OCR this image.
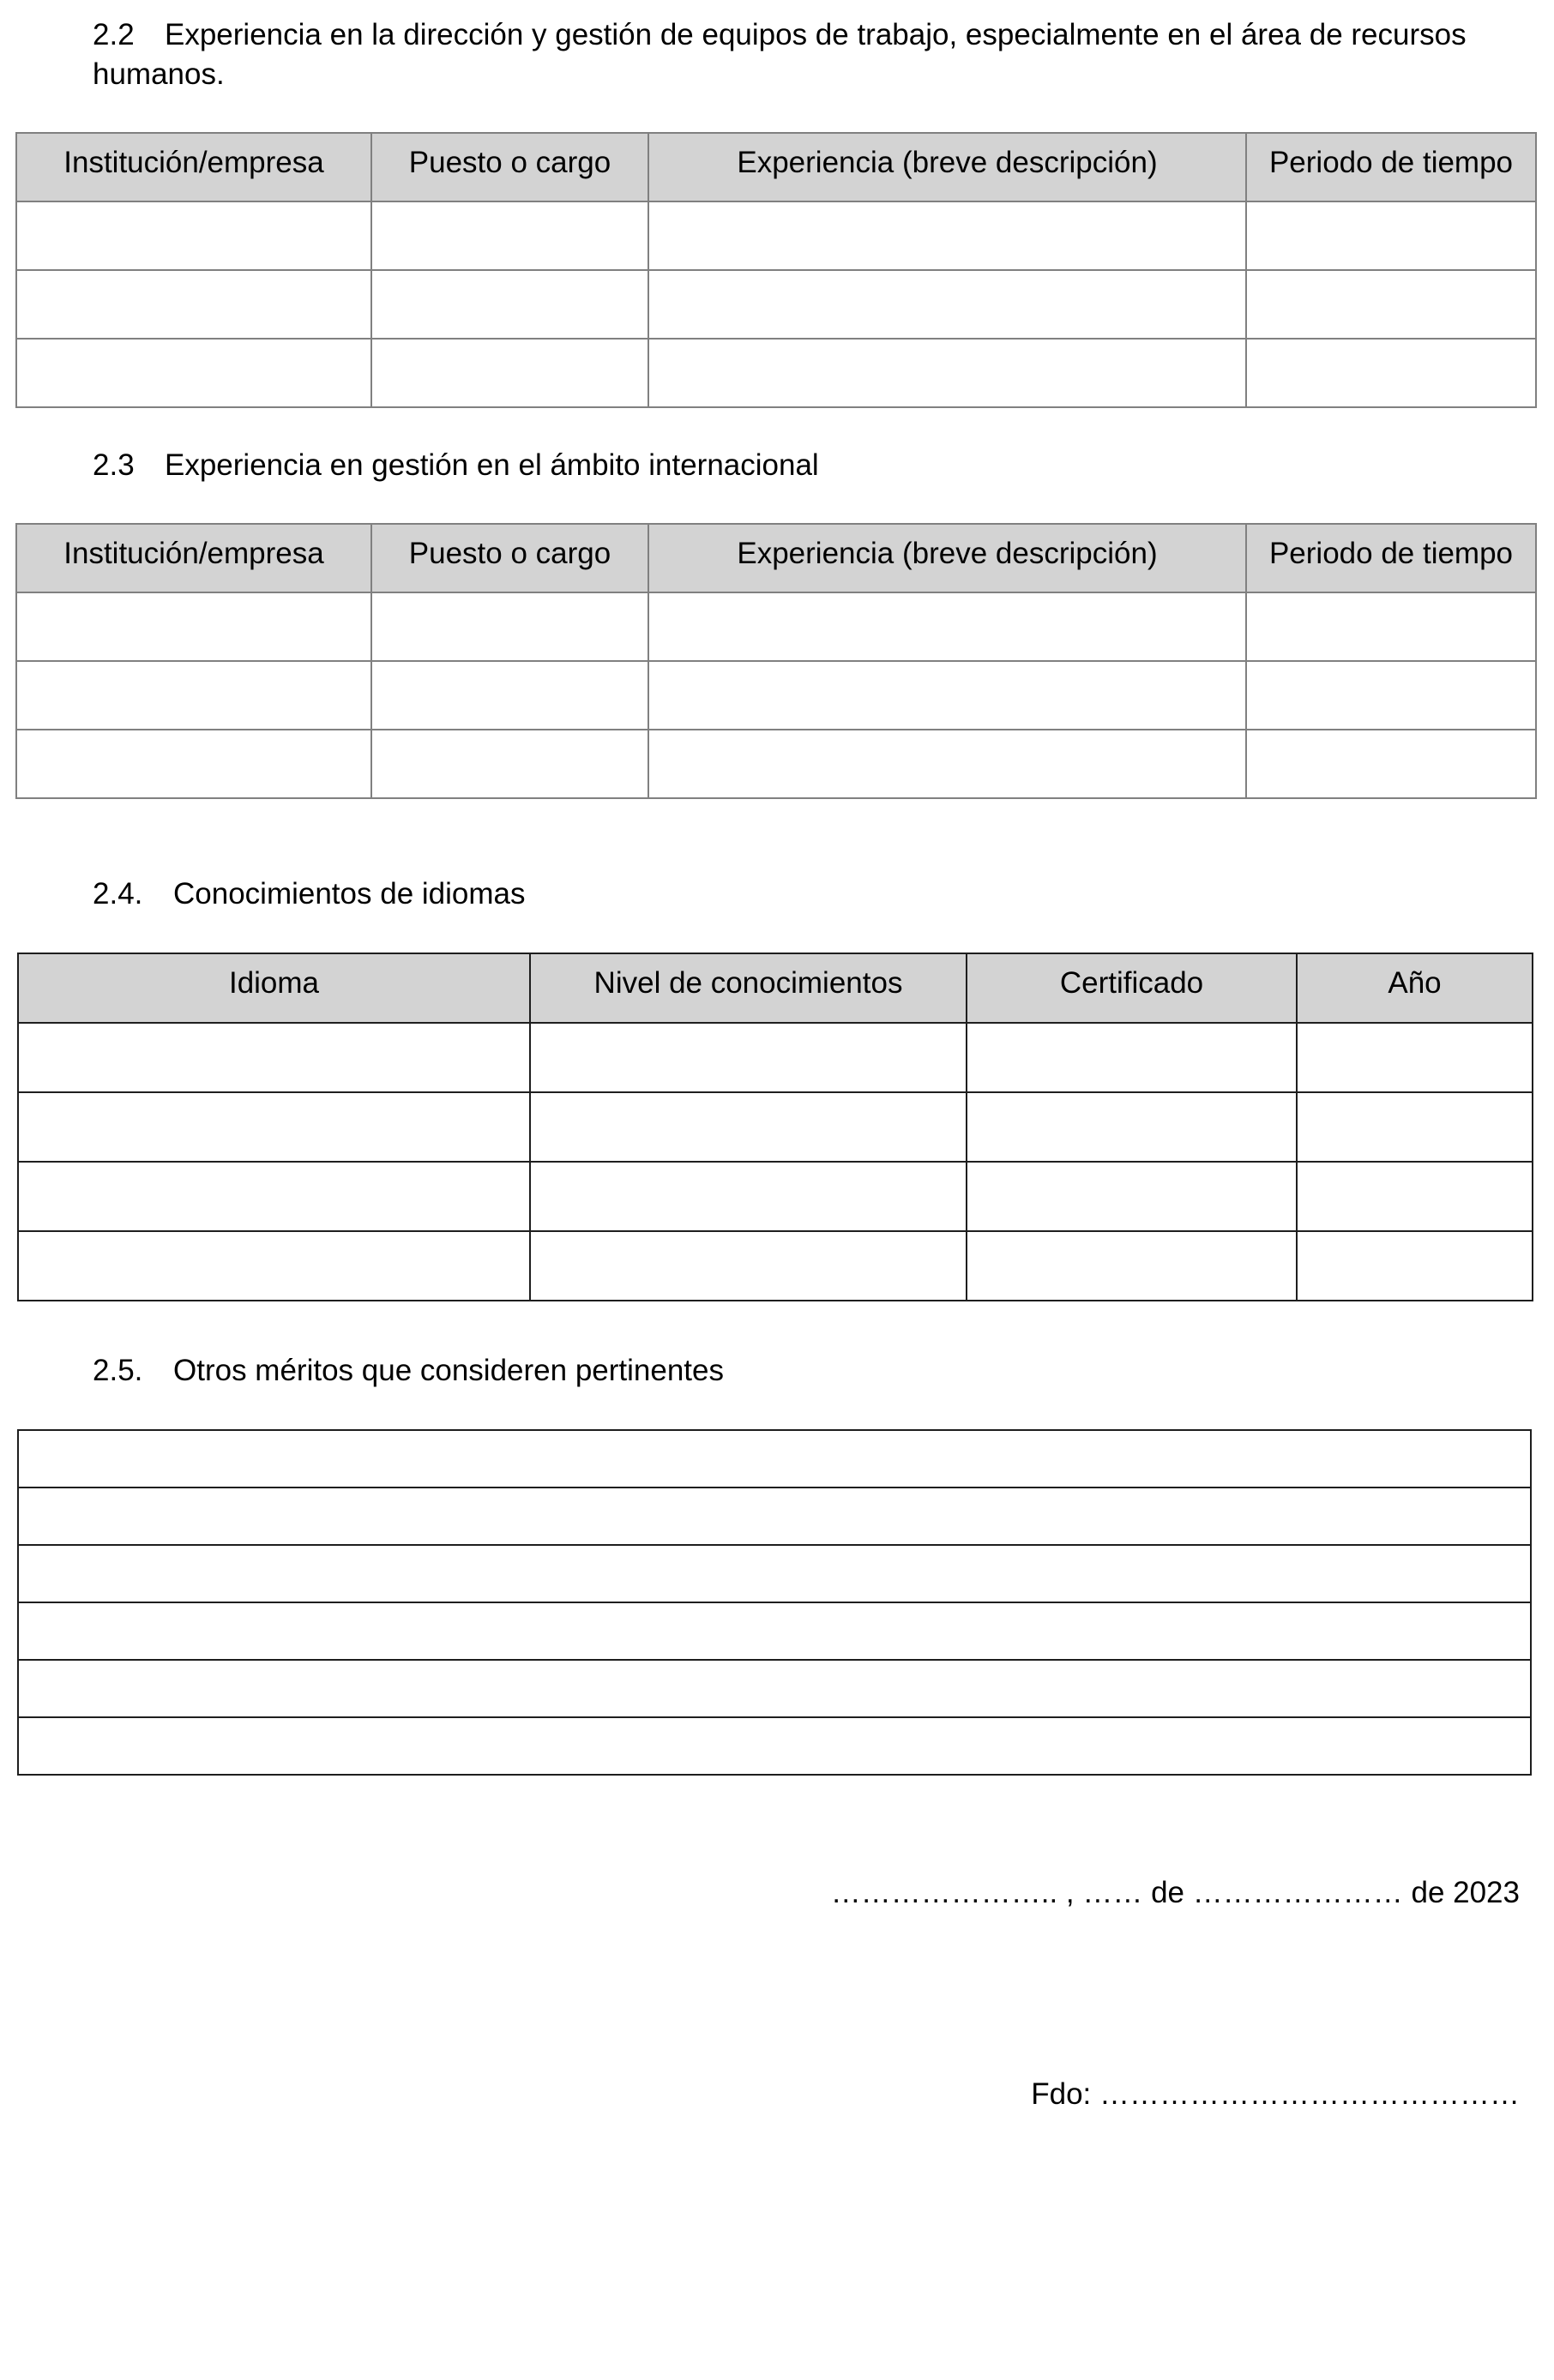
2.2 Experiencia en la dirección y gestión de equipos de trabajo, especialmente en el área de recursos
humanos.
Institución/empresa	Puesto o cargo	Experiencia (breve descripción)	Periodo de tiempo

2.3 Experiencia en gestión en el ámbito internacional
Institución/empresa	Puesto o cargo	Experiencia (breve descripción)	Periodo de tiempo

2.4. Conocimientos de idiomas
Idioma	Nivel de conocimientos	Certificado	Año

2.5. Otros méritos que consideren pertinentes

………………….. , …… de ………………… de 2023
Fdo: ……………………………………
